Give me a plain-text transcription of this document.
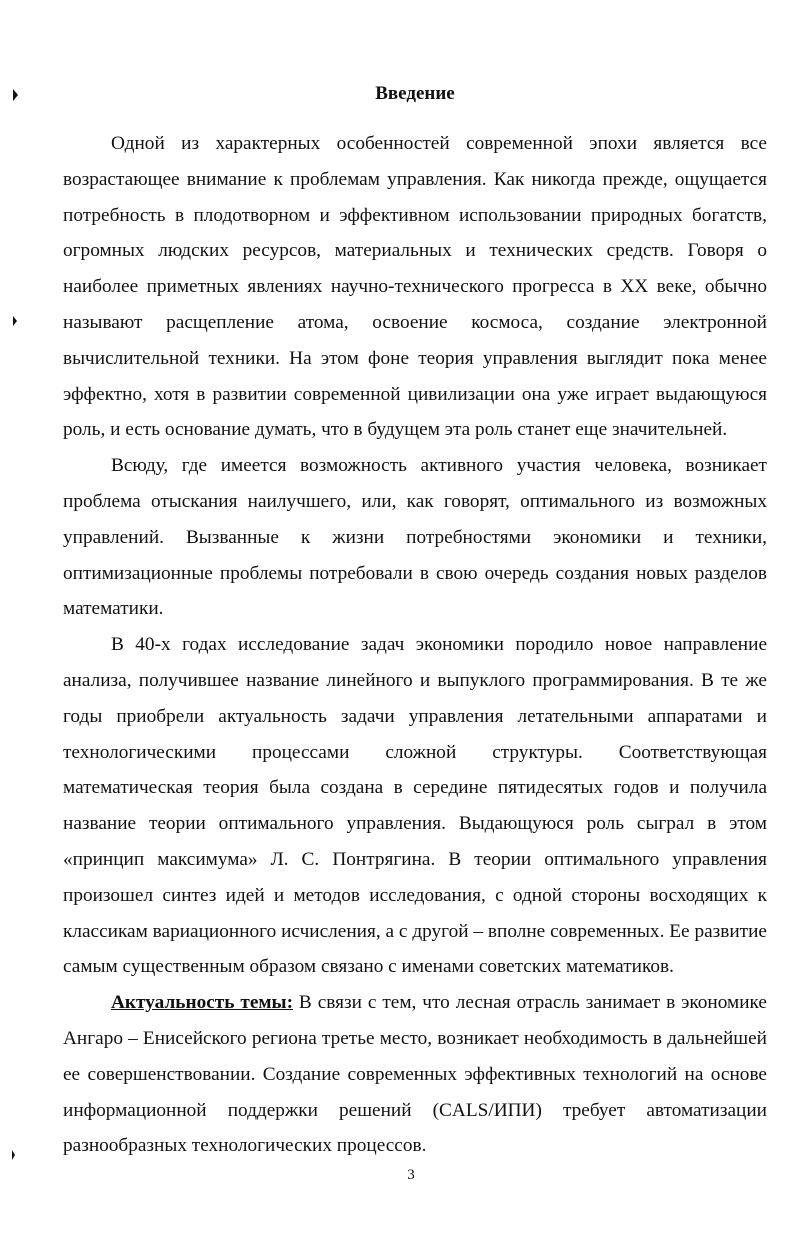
Введение

Одной из характерных особенностей современной эпохи является все возрастающее внимание к проблемам управления. Как никогда прежде, ощущается потребность в плодотворном и эффективном использовании природных богатств, огромных людских ресурсов, материальных и технических средств. Говоря о наиболее приметных явлениях научно-технического прогресса в XX веке, обычно называют расщепление атома, освоение космоса, создание электронной вычислительной техники. На этом фоне теория управления выглядит пока менее эффектно, хотя в развитии современной цивилизации она уже играет выдающуюся роль, и есть основание думать, что в будущем эта роль станет еще значительней.

Всюду, где имеется возможность активного участия человека, возникает проблема отыскания наилучшего, или, как говорят, оптимального из возможных управлений. Вызванные к жизни потребностями экономики и техники, оптимизационные проблемы потребовали в свою очередь создания новых разделов математики.

В 40-х годах исследование задач экономики породило новое направление анализа, получившее название линейного и выпуклого программирования. В те же годы приобрели актуальность задачи управления летательными аппаратами и технологическими процессами сложной структуры. Соответствующая математическая теория была создана в середине пятидесятых годов и получила название теории оптимального управления. Выдающуюся роль сыграл в этом «принцип максимума» Л. С. Понтрягина. В теории оптимального управления произошел синтез идей и методов исследования, с одной стороны восходящих к классикам вариационного исчисления, а с другой – вполне современных. Ее развитие самым существенным образом связано с именами советских математиков.

Актуальность темы: В связи с тем, что лесная отрасль занимает в экономике Ангаро – Енисейского региона третье место, возникает необходимость в дальнейшей ее совершенствовании. Создание современных эффективных технологий на основе информационной поддержки решений (CALS/ИПИ) требует автоматизации разнообразных технологических процессов.

3
